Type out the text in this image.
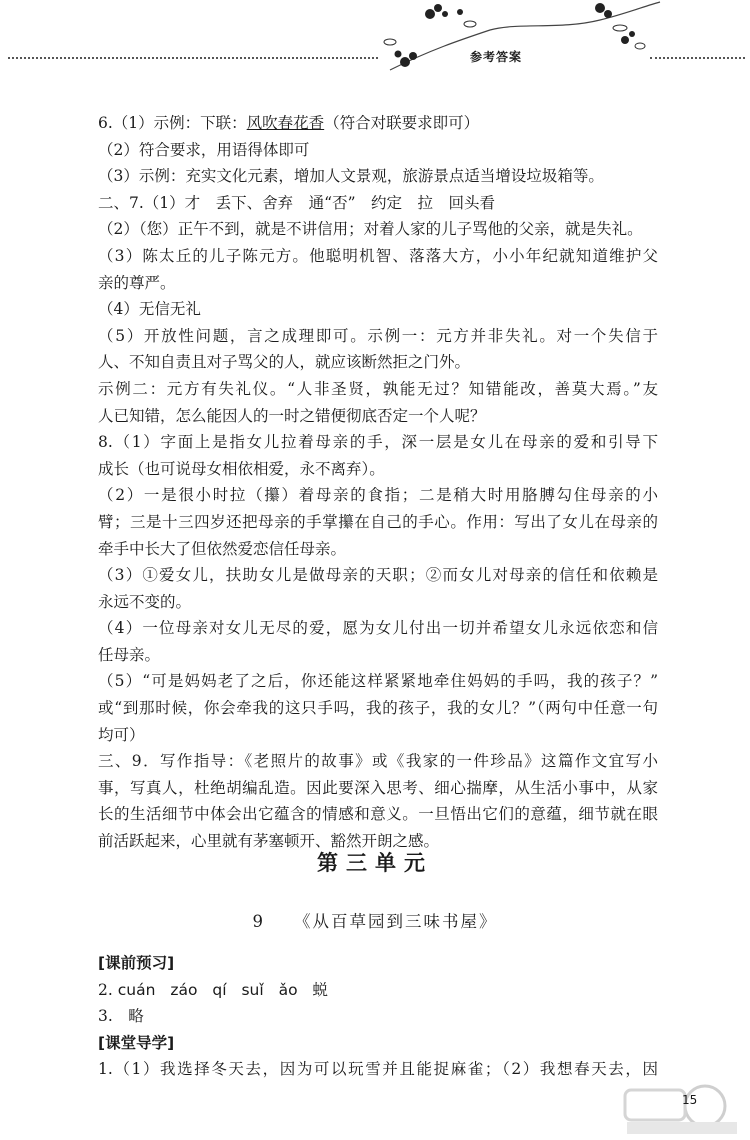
参考答案
6.（1）示例：下联：风吹春花香（符合对联要求即可）
（2）符合要求，用语得体即可
（3）示例：充实文化元素，增加人文景观，旅游景点适当增设垃圾箱等。
二、7.（1）才　丢下、舍弃　通“否”　约定　拉　回头看
（2）（您）正午不到，就是不讲信用；对着人家的儿子骂他的父亲，就是失礼。
（3）陈太丘的儿子陈元方。他聪明机智、落落大方，小小年纪就知道维护父
亲的尊严。
（4）无信无礼
（5）开放性问题，言之成理即可。示例一：元方并非失礼。对一个失信于
人、不知自责且对子骂父的人，就应该断然拒之门外。
示例二：元方有失礼仪。“人非圣贤，孰能无过？知错能改，善莫大焉。”友
人已知错，怎么能因人的一时之错便彻底否定一个人呢？
8.（1）字面上是指女儿拉着母亲的手，深一层是女儿在母亲的爱和引导下
成长（也可说母女相依相爱，永不离弃）。
（2）一是很小时拉（攥）着母亲的食指；二是稍大时用胳膊勾住母亲的小
臂；三是十三四岁还把母亲的手掌攥在自己的手心。作用：写出了女儿在母亲的
牵手中长大了但依然爱恋信任母亲。
（3）①爱女儿，扶助女儿是做母亲的天职；②而女儿对母亲的信任和依赖是
永远不变的。
（4）一位母亲对女儿无尽的爱，愿为女儿付出一切并希望女儿永远依恋和信
任母亲。
（5）“可是妈妈老了之后，你还能这样紧紧地牵住妈妈的手吗，我的孩子？”
或“到那时候，你会牵我的这只手吗，我的孩子，我的女儿？”（两句中任意一句
均可）
三、9．写作指导：《老照片的故事》或《我家的一件珍品》这篇作文宜写小
事，写真人，杜绝胡编乱造。因此要深入思考、细心揣摩，从生活小事中，从家
长的生活细节中体会出它蕴含的情感和意义。一旦悟出它们的意蕴，细节就在眼
前活跃起来，心里就有茅塞顿开、豁然开朗之感。
第三单元
9 《从百草园到三味书屋》
[课前预习]
2. cuán záo qí suǐ ǎo 蜕
3.　略
[课堂导学]
1.（1）我选择冬天去，因为可以玩雪并且能捉麻雀；（2）我想春天去，因
15
